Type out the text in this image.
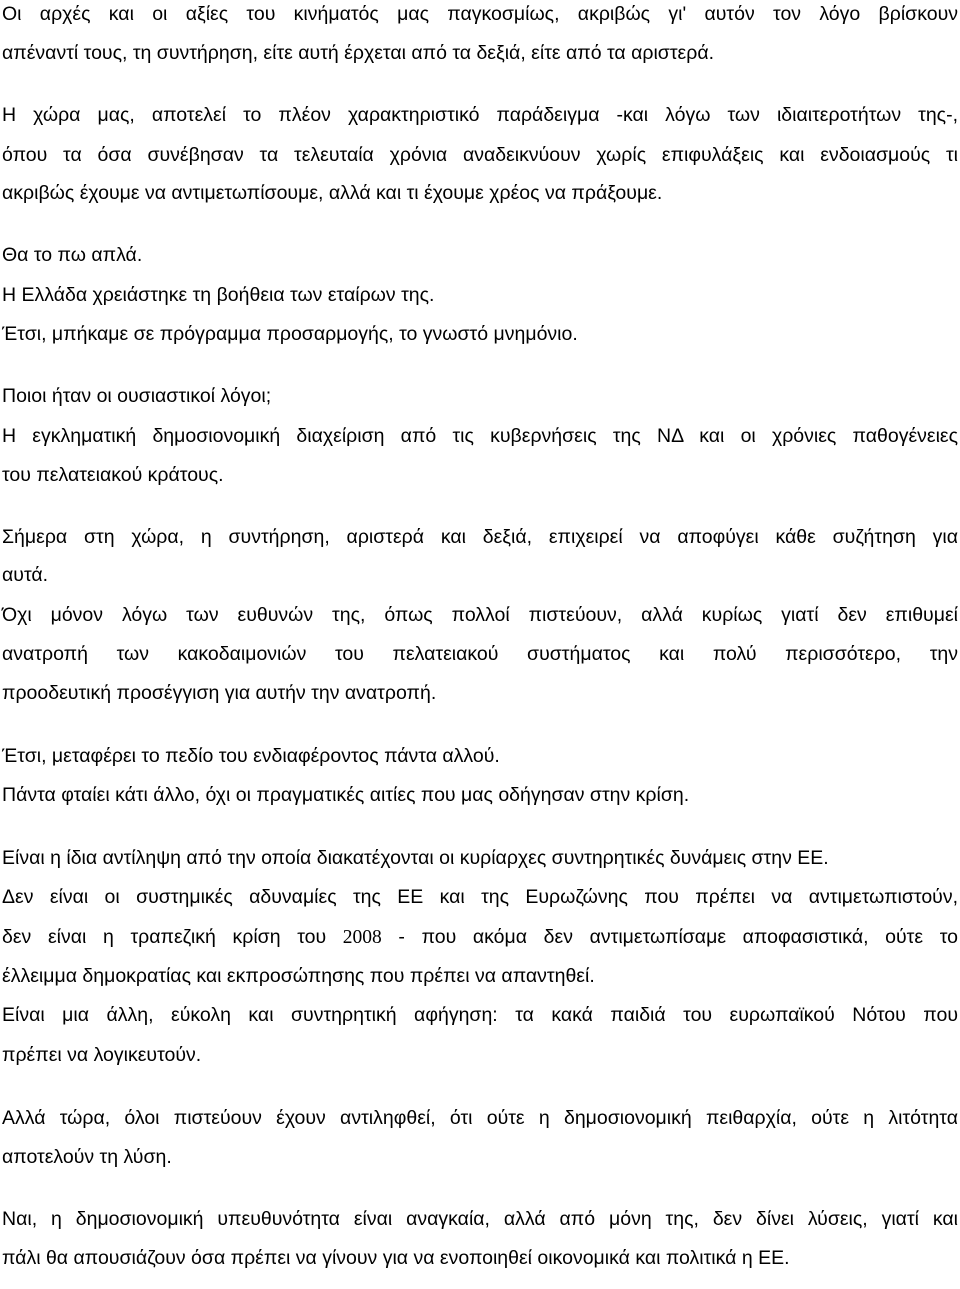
Οι αρχές και οι αξίες του κινήματός μας παγκοσμίως, ακριβώς γι' αυτόν τον λόγο βρίσκουν

απέναντί τους, τη συντήρηση, είτε αυτή έρχεται από τα δεξιά, είτε από τα αριστερά.

Η χώρα μας, αποτελεί το πλέον χαρακτηριστικό παράδειγμα -και λόγω των ιδιαιτεροτήτων της-,

όπου τα όσα συνέβησαν τα τελευταία χρόνια αναδεικνύουν χωρίς επιφυλάξεις και ενδοιασμούς τι

ακριβώς έχουμε να αντιμετωπίσουμε, αλλά και τι έχουμε χρέος να πράξουμε.

Θα το πω απλά.

Η Ελλάδα χρειάστηκε τη βοήθεια των εταίρων της.

Έτσι, μπήκαμε σε πρόγραμμα προσαρμογής, το γνωστό μνημόνιο.

Ποιοι ήταν οι ουσιαστικοί λόγοι;

Η εγκληματική δημοσιονομική διαχείριση από τις κυβερνήσεις της ΝΔ και οι χρόνιες παθογένειες

του πελατειακού κράτους.

Σήμερα στη χώρα, η συντήρηση, αριστερά και δεξιά, επιχειρεί να αποφύγει κάθε συζήτηση για

αυτά.

Όχι μόνον λόγω των ευθυνών της, όπως πολλοί πιστεύουν, αλλά κυρίως γιατί δεν επιθυμεί

ανατροπή των κακοδαιμονιών του πελατειακού συστήματος και πολύ περισσότερο, την

προοδευτική προσέγγιση για αυτήν την ανατροπή.

Έτσι, μεταφέρει το πεδίο του ενδιαφέροντος πάντα αλλού.

Πάντα φταίει κάτι άλλο, όχι οι πραγματικές αιτίες που μας οδήγησαν στην κρίση.

Είναι η ίδια αντίληψη από την οποία διακατέχονται οι κυρίαρχες συντηρητικές δυνάμεις στην ΕΕ.

Δεν είναι οι συστημικές αδυναμίες της ΕΕ και της Ευρωζώνης που πρέπει να αντιμετωπιστούν,

δεν είναι η τραπεζική κρίση του 2008 - που ακόμα δεν αντιμετωπίσαμε αποφασιστικά, ούτε το

έλλειμμα δημοκρατίας και εκπροσώπησης που πρέπει να απαντηθεί.

Είναι μια άλλη, εύκολη και συντηρητική αφήγηση: τα κακά παιδιά του ευρωπαϊκού Νότου που

πρέπει να λογικευτούν.

Αλλά τώρα, όλοι πιστεύουν έχουν αντιληφθεί, ότι ούτε η δημοσιονομική πειθαρχία, ούτε η λιτότητα

αποτελούν τη λύση.

Ναι, η δημοσιονομική υπευθυνότητα είναι αναγκαία, αλλά από μόνη της, δεν δίνει λύσεις, γιατί και

πάλι θα απουσιάζουν όσα πρέπει να γίνουν για να ενοποιηθεί οικονομικά και πολιτικά η ΕΕ.
